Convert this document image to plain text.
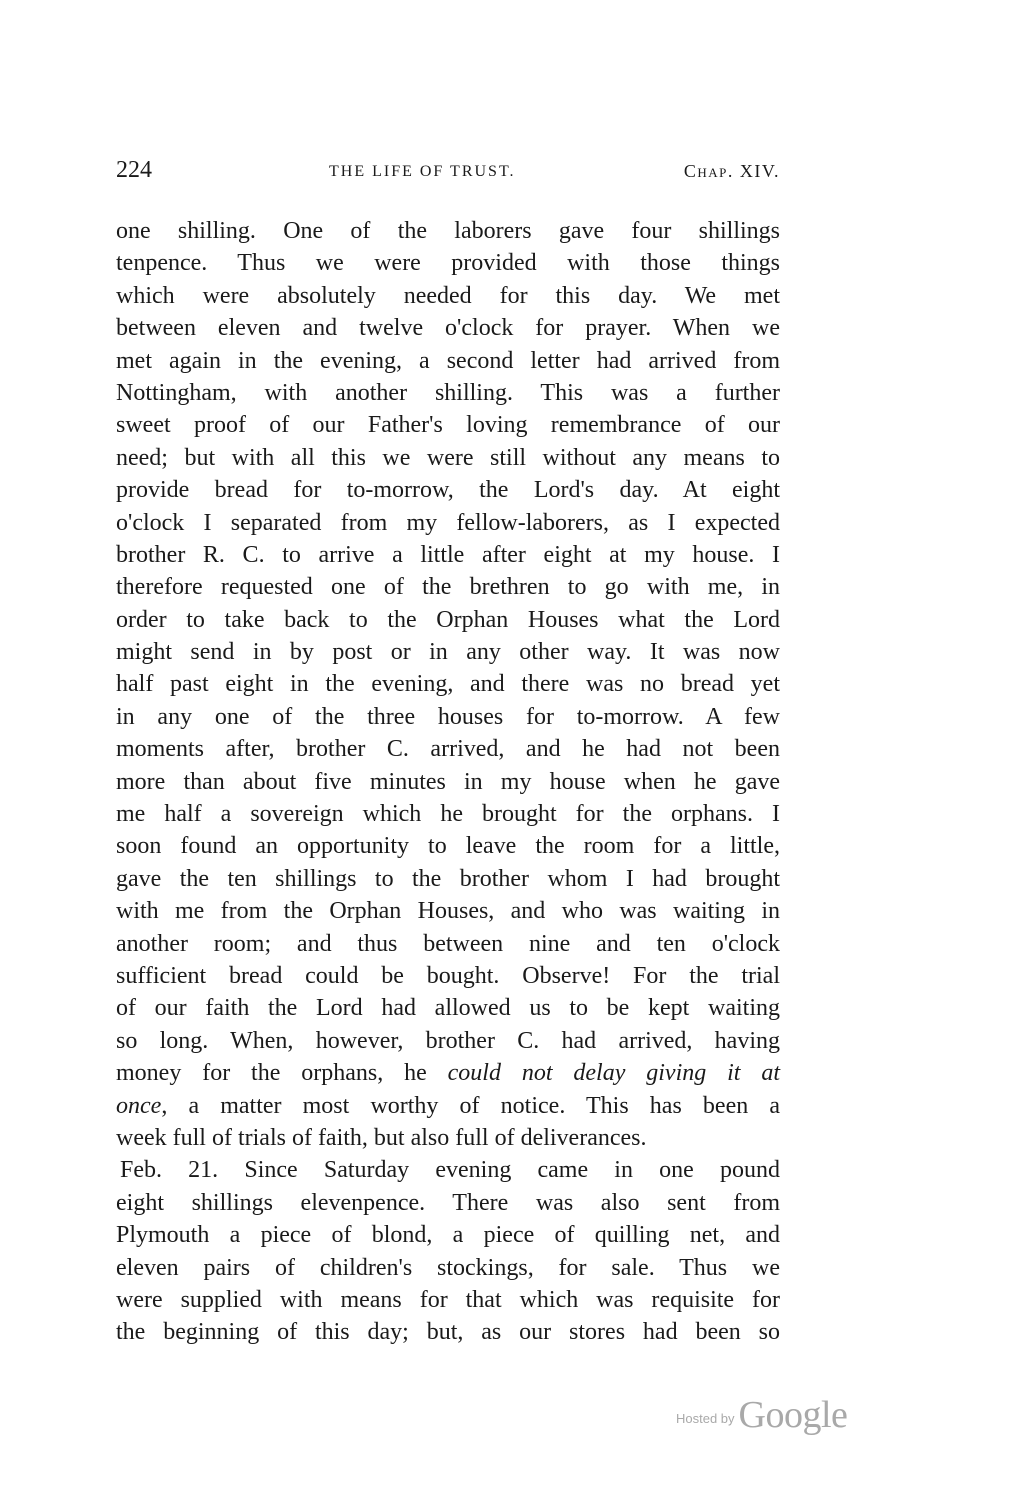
224	THE LIFE OF TRUST.	Chap. XIV.
one shilling. One of the laborers gave four shillings
tenpence. Thus we were provided with those things
which were absolutely needed for this day. We met
between eleven and twelve o'clock for prayer. When we
met again in the evening, a second letter had arrived from
Nottingham, with another shilling. This was a further
sweet proof of our Father's loving remembrance of our
need; but with all this we were still without any means to
provide bread for to-morrow, the Lord's day. At eight
o'clock I separated from my fellow-laborers, as I expected
brother R. C. to arrive a little after eight at my house. I
therefore requested one of the brethren to go with me, in
order to take back to the Orphan Houses what the Lord
might send in by post or in any other way. It was now
half past eight in the evening, and there was no bread yet
in any one of the three houses for to-morrow. A few
moments after, brother C. arrived, and he had not been
more than about five minutes in my house when he gave
me half a sovereign which he brought for the orphans. I
soon found an opportunity to leave the room for a little,
gave the ten shillings to the brother whom I had brought
with me from the Orphan Houses, and who was waiting in
another room; and thus between nine and ten o'clock
sufficient bread could be bought. Observe! For the trial
of our faith the Lord had allowed us to be kept waiting
so long. When, however, brother C. had arrived, having
money for the orphans, he could not delay giving it at
once, a matter most worthy of notice. This has been a
week full of trials of faith, but also full of deliverances.
Feb. 21. Since Saturday evening came in one pound
eight shillings elevenpence. There was also sent from
Plymouth a piece of blond, a piece of quilling net, and
eleven pairs of children's stockings, for sale. Thus we
were supplied with means for that which was requisite for
the beginning of this day; but, as our stores had been so
$^{Hosted by}$ Google
